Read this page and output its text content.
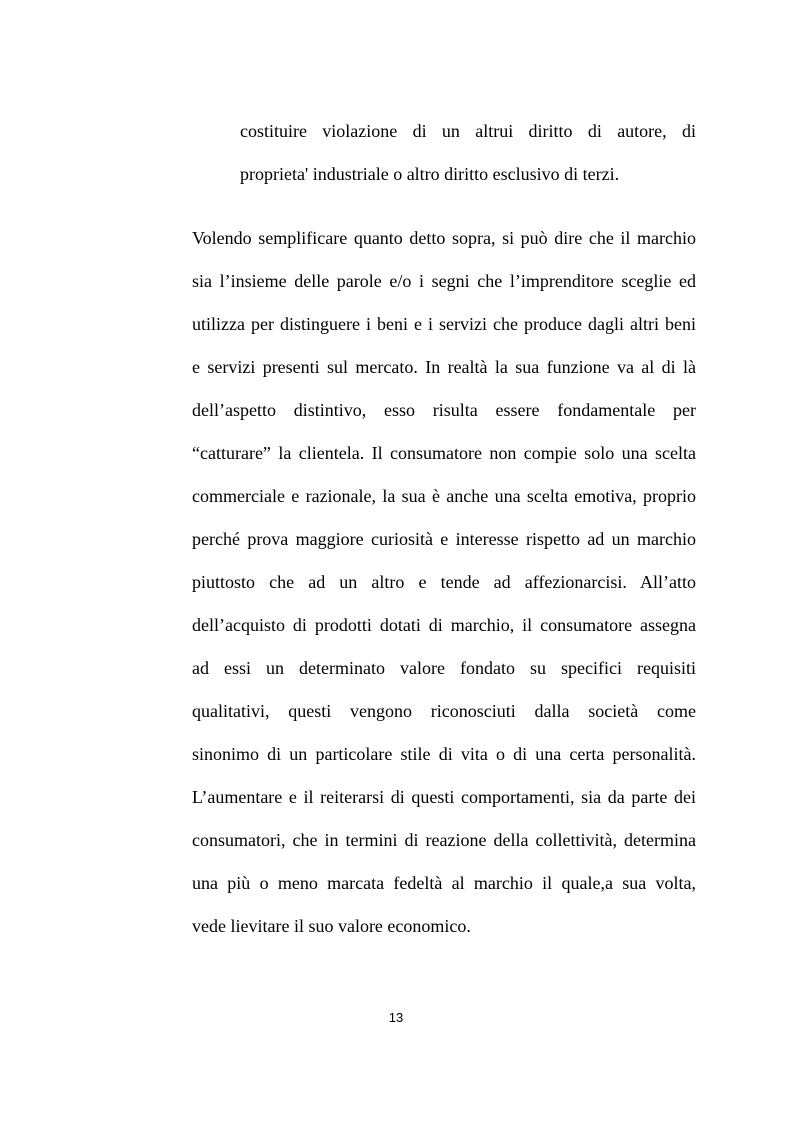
costituire violazione di un altrui diritto di autore, di
proprieta' industriale o altro diritto esclusivo di terzi.
Volendo semplificare quanto detto sopra, si può dire che il marchio
sia l’insieme delle parole e/o i segni che l’imprenditore sceglie ed
utilizza per distinguere i beni e i servizi che produce dagli altri beni
e servizi presenti sul mercato. In realtà la sua funzione va al di là
dell’aspetto distintivo, esso risulta essere fondamentale per
“catturare” la clientela. Il consumatore non compie solo una scelta
commerciale e razionale, la sua è anche una scelta emotiva, proprio
perché prova maggiore curiosità e interesse rispetto ad un marchio
piuttosto che ad un altro e tende ad affezionarcisi. All’atto
dell’acquisto di prodotti dotati di marchio, il consumatore assegna
ad essi un determinato valore fondato su specifici requisiti
qualitativi, questi vengono riconosciuti dalla società come
sinonimo di un particolare stile di vita o di una certa personalità.
L’aumentare e il reiterarsi di questi comportamenti, sia da parte dei
consumatori, che in termini di reazione della collettività, determina
una più o meno marcata fedeltà al marchio il quale,a sua volta,
vede lievitare il suo valore economico.
13
